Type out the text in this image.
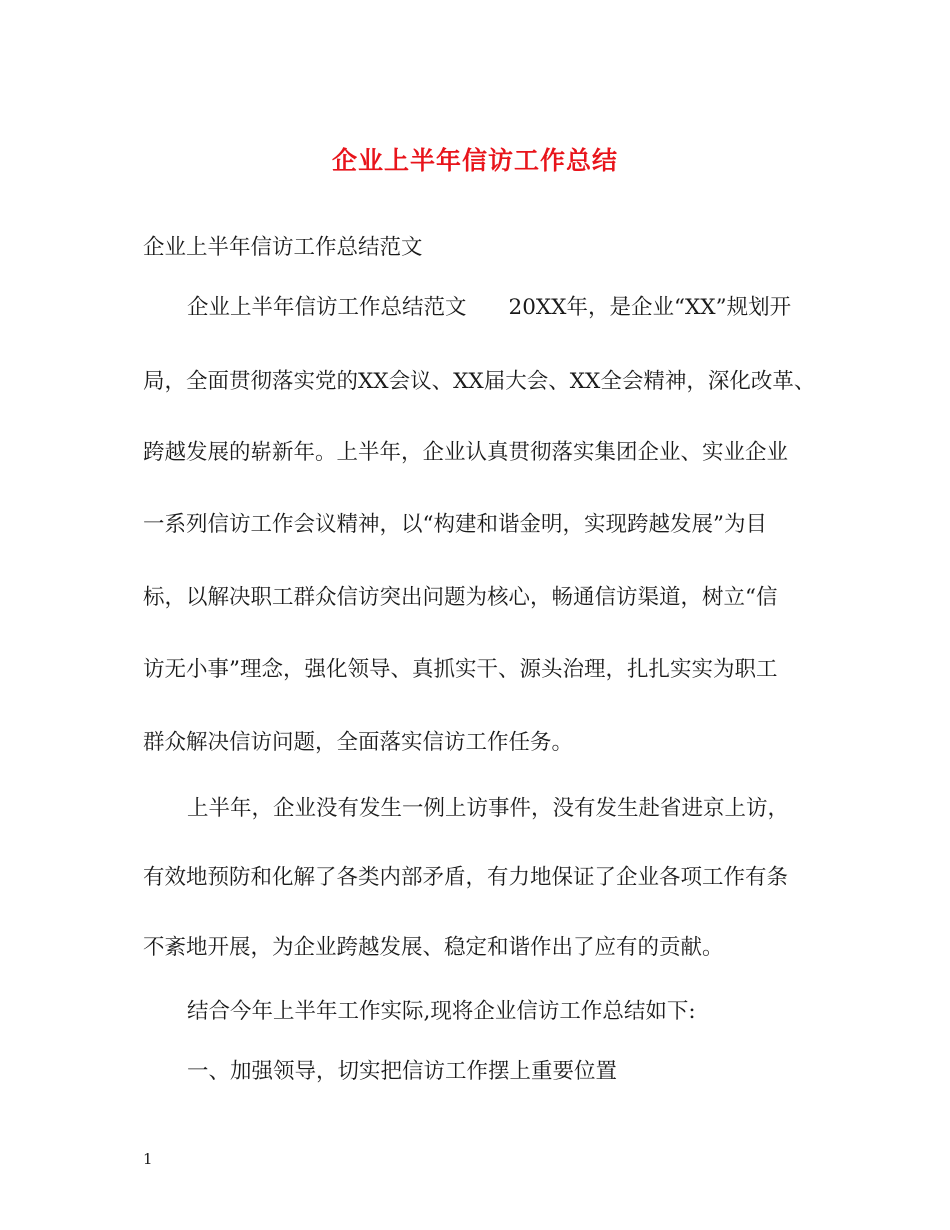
企业上半年信访工作总结
企业上半年信访工作总结范文
企业上半年信访工作总结范文 20XX年，是企业“XX”规划开
局，全面贯彻落实党的XX会议、XX届大会、XX全会精神，深化改革、
跨越发展的崭新年。上半年，企业认真贯彻落实集团企业、实业企业
一系列信访工作会议精神，以“构建和谐金明，实现跨越发展”为目
标，以解决职工群众信访突出问题为核心，畅通信访渠道，树立“信
访无小事”理念，强化领导、真抓实干、源头治理，扎扎实实为职工
群众解决信访问题，全面落实信访工作任务。
上半年，企业没有发生一例上访事件，没有发生赴省进京上访，
有效地预防和化解了各类内部矛盾，有力地保证了企业各项工作有条
不紊地开展，为企业跨越发展、稳定和谐作出了应有的贡献。
结合今年上半年工作实际,现将企业信访工作总结如下:
一、加强领导，切实把信访工作摆上重要位置
1
